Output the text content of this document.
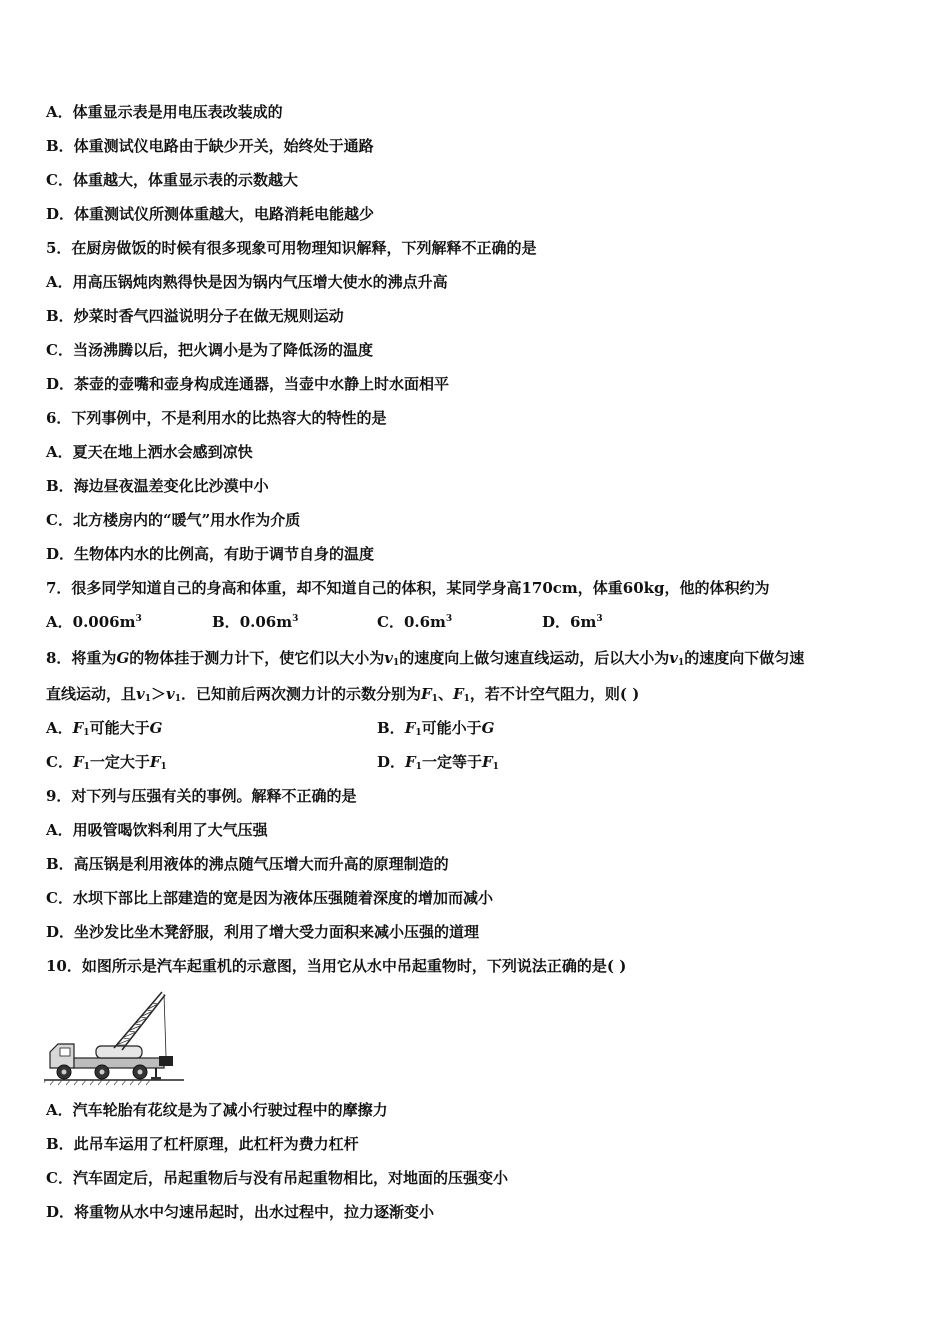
A．体重显示表是用电压表改装成的
B．体重测试仪电路由于缺少开关，始终处于通路
C．体重越大，体重显示表的示数越大
D．体重测试仪所测体重越大，电路消耗电能越少
5．在厨房做饭的时候有很多现象可用物理知识解释，下列解释不正确的是
A．用高压锅炖肉熟得快是因为锅内气压增大使水的沸点升高
B．炒菜时香气四溢说明分子在做无规则运动
C．当汤沸腾以后，把火调小是为了降低汤的温度
D．茶壶的壶嘴和壶身构成连通器，当壶中水静上时水面相平
6．下列事例中，不是利用水的比热容大的特性的是
A．夏天在地上洒水会感到凉快
B．海边昼夜温差变化比沙漠中小
C．北方楼房内的“暖气”用水作为介质
D．生物体内水的比例高，有助于调节自身的温度
7．很多同学知道自己的身高和体重，却不知道自己的体积，某同学身高170cm，体重60kg，他的体积约为
A．$0.006m^3$	B．$0.06m^3$	C．$0.6m^3$	D．$6m^3$
8．将重为G的物体挂于测力计下，使它们以大小为$v_1$的速度向上做匀速直线运动，后以大小为$v_1$的速度向下做匀速
直线运动，且$v_1>v_1$．已知前后两次测力计的示数分别为$F_1$、$F_1$，若不计空气阻力，则( )
A．$F_1$可能大于G	B．$F_1$可能小于G
C．$F_1$一定大于$F_1$	D．$F_1$一定等于$F_1$
9．对下列与压强有关的事例。解释不正确的是
A．用吸管喝饮料利用了大气压强
B．高压锅是利用液体的沸点随气压增大而升高的原理制造的
C．水坝下部比上部建造的宽是因为液体压强随着深度的增加而减小
D．坐沙发比坐木凳舒服，利用了增大受力面积来减小压强的道理
10．如图所示是汽车起重机的示意图，当用它从水中吊起重物时，下列说法正确的是( )
A．汽车轮胎有花纹是为了减小行驶过程中的摩擦力
B．此吊车运用了杠杆原理，此杠杆为费力杠杆
C．汽车固定后，吊起重物后与没有吊起重物相比，对地面的压强变小
D．将重物从水中匀速吊起时，出水过程中，拉力逐渐变小
